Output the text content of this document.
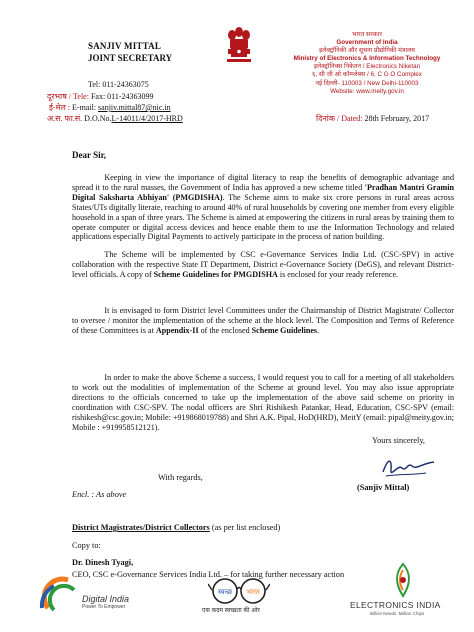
SANJIV MITTAL
JOINT SECRETARY
Tel: 011-24363075
दूरभाष / Tele: Fax: 011-24363099
ई-मेल : E-mail: sanjiv.mittal87@nic.in
अ.स. फा.सं. D.O.No.L-14011/4/2017-HRD
भारत सरकार
Government of India
इलेक्ट्रॉनिकी और सूचना प्रौद्योगिकी मंत्रालय
Ministry of Electronics & Information Technology
इलेक्ट्रॉनिक्स निकेतन / Electronics Niketan
६, सी जी ओ कॉम्प्लेक्स / 6, C G O Complex
नई दिल्ली- 110003 / New Delhi-110003
Website: www.meity.gov.in
दिनांक / Dated: 28th February, 2017
Dear Sir,
    Keeping in view the importance of digital literacy to reap the benefits of demographic advantage and spread it to the rural masses, the Government of India has approved a new scheme titled 'Pradhan Mantri Gramin Digital Saksharta Abhiyan' (PMGDISHA). The Scheme aims to make six crore persons in rural areas across States/UTs digitally literate, reaching to around 40% of rural households by covering one member from every eligible household in a span of three years. The Scheme is aimed at empowering the citizens in rural areas by training them to operate computer or digital access devices and hence enable them to use the Information Technology and related applications especially Digital Payments to actively participate in the process of nation building.
    The Scheme will be implemented by CSC e-Governance Services India Ltd. (CSC-SPV) in active collaboration with the respective State IT Department, District e-Governance Society (DeGS), and relevant District-level officials. A copy of Scheme Guidelines for PMGDISHA is enclosed for your ready reference.
    It is envisaged to form District level Committees under the Chairmanship of District Magistrate/ Collector to oversee / monitor the implementation of the scheme at the block level. The Composition and Terms of Reference of these Committees is at Appendix-II of the enclosed Scheme Guidelines.
    In order to make the above Scheme a success, I would request you to call for a meeting of all stakeholders to work out the modalities of implementation of the Scheme at ground level. You may also issue appropriate directions to the officials concerned to take up the implementation of the above said scheme on priority in coordination with CSC-SPV. The nodal officers are Shri Rishikesh Patankar, Head, Education, CSC-SPV (email: rishikesh@csc.gov.in; Mobile: +919868019788) and Shri A.K. Pipal, HoD(HRD), MeitY (email: pipal@meity.gov.in; Mobile : +919958512121).
With regards,
Yours sincerely,
(Sanjiv Mittal)
Encl. : As above
District Magistrates/District Collectors (as per list enclosed)
Copy to:
Dr. Dinesh Tyagi,
CEO, CSC e-Governance Services India Ltd. – for taking further necessary action
Digital India
Power To Empower
स्वच्छ भारत
एक कदम स्वच्छता की ओर
ELECTRONICS INDIA
Billion Needs. Million Chips
